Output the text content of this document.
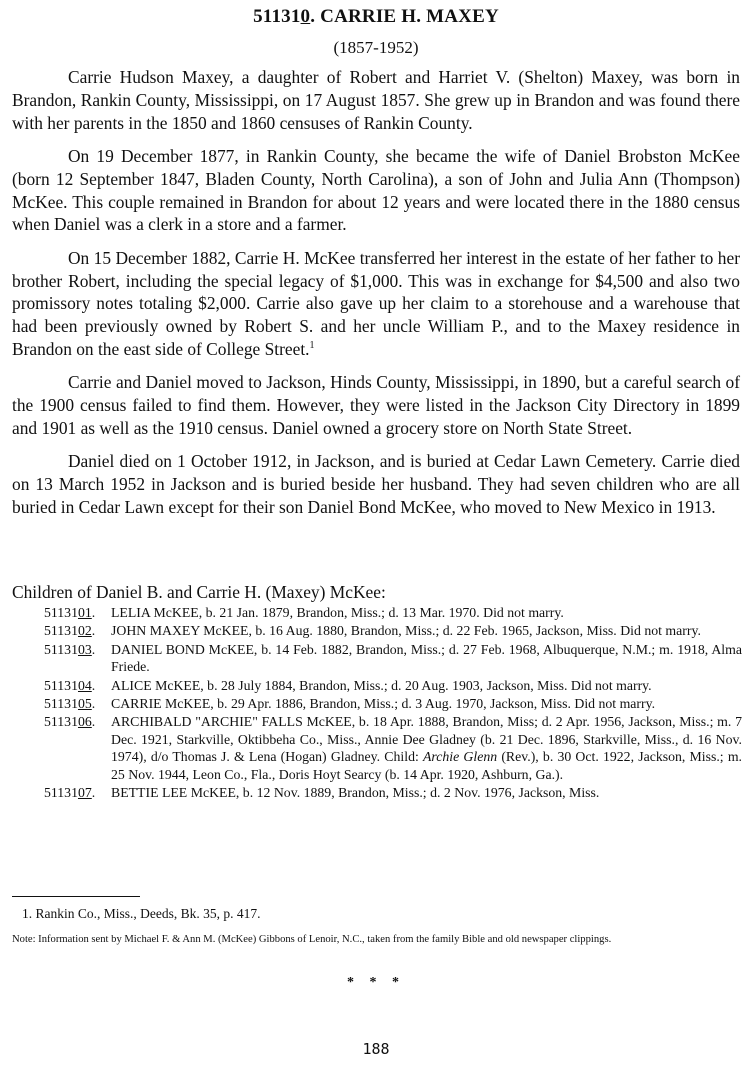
511310. CARRIE H. MAXEY
(1857-1952)

Carrie Hudson Maxey, a daughter of Robert and Harriet V. (Shelton) Maxey, was born in Brandon, Rankin County, Mississippi, on 17 August 1857. She grew up in Brandon and was found there with her parents in the 1850 and 1860 censuses of Rankin County.

On 19 December 1877, in Rankin County, she became the wife of Daniel Brobston McKee (born 12 September 1847, Bladen County, North Carolina), a son of John and Julia Ann (Thompson) McKee. This couple remained in Brandon for about 12 years and were located there in the 1880 census when Daniel was a clerk in a store and a farmer.

On 15 December 1882, Carrie H. McKee transferred her interest in the estate of her father to her brother Robert, including the special legacy of $1,000. This was in exchange for $4,500 and also two promissory notes totaling $2,000. Carrie also gave up her claim to a storehouse and a warehouse that had been previously owned by Robert S. and her uncle William P., and to the Maxey residence in Brandon on the east side of College Street.$^1$

Carrie and Daniel moved to Jackson, Hinds County, Mississippi, in 1890, but a careful search of the 1900 census failed to find them. However, they were listed in the Jackson City Directory in 1899 and 1901 as well as the 1910 census. Daniel owned a grocery store on North State Street.

Daniel died on 1 October 1912, in Jackson, and is buried at Cedar Lawn Cemetery. Carrie died on 13 March 1952 in Jackson and is buried beside her husband. They had seven children who are all buried in Cedar Lawn except for their son Daniel Bond McKee, who moved to New Mexico in 1913.

Children of Daniel B. and Carrie H. (Maxey) McKee:
5113101.	LELIA McKEE, b. 21 Jan. 1879, Brandon, Miss.; d. 13 Mar. 1970. Did not marry.
5113102.	JOHN MAXEY McKEE, b. 16 Aug. 1880, Brandon, Miss.; d. 22 Feb. 1965, Jackson, Miss. Did not marry.
5113103.	DANIEL BOND McKEE, b. 14 Feb. 1882, Brandon, Miss.; d. 27 Feb. 1968, Albuquerque, N.M.; m. 1918, Alma Friede.
5113104.	ALICE McKEE, b. 28 July 1884, Brandon, Miss.; d. 20 Aug. 1903, Jackson, Miss. Did not marry.
5113105.	CARRIE McKEE, b. 29 Apr. 1886, Brandon, Miss.; d. 3 Aug. 1970, Jackson, Miss. Did not marry.
5113106.	ARCHIBALD "ARCHIE" FALLS McKEE, b. 18 Apr. 1888, Brandon, Miss; d. 2 Apr. 1956, Jackson, Miss.; m. 7 Dec. 1921, Starkville, Oktibbeha Co., Miss., Annie Dee Gladney (b. 21 Dec. 1896, Starkville, Miss., d. 16 Nov. 1974), d/o Thomas J. & Lena (Hogan) Gladney. Child: Archie Glenn (Rev.), b. 30 Oct. 1922, Jackson, Miss.; m. 25 Nov. 1944, Leon Co., Fla., Doris Hoyt Searcy (b. 14 Apr. 1920, Ashburn, Ga.).
5113107.	BETTIE LEE McKEE, b. 12 Nov. 1889, Brandon, Miss.; d. 2 Nov. 1976, Jackson, Miss.
1. Rankin Co., Miss., Deeds, Bk. 35, p. 417.
Note: Information sent by Michael F. & Ann M. (McKee) Gibbons of Lenoir, N.C., taken from the family Bible and old newspaper clippings.
* * *
188
